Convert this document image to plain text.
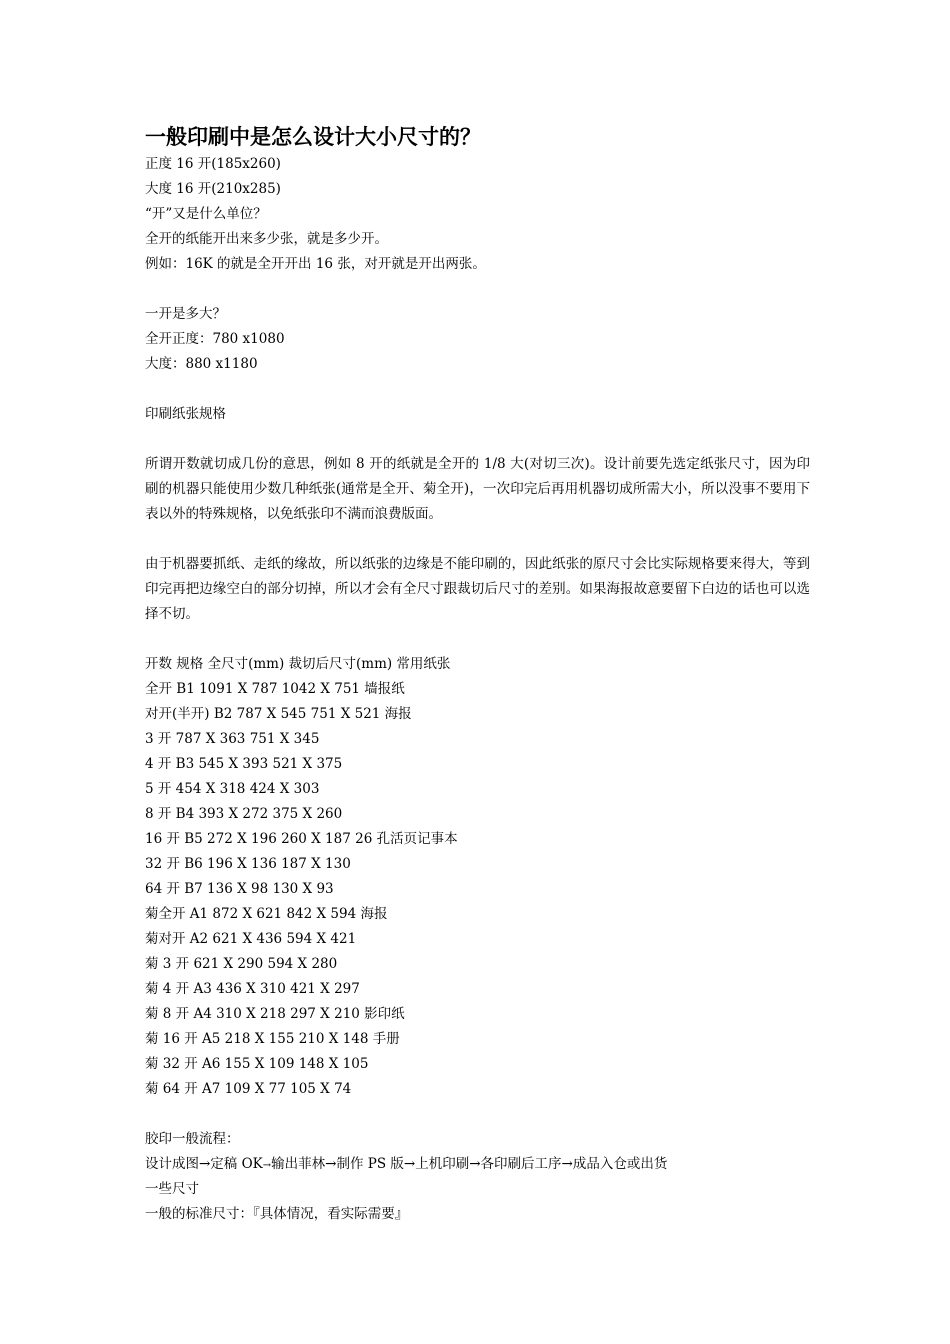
一般印刷中是怎么设计大小尺寸的？

正度 16 开(185x260)

大度 16 开(210x285)

“开”又是什么单位？

全开的纸能开出来多少张，就是多少开。

例如：16K 的就是全开开出 16 张，对开就是开出两张。

一开是多大？

全开正度：780 x1080

大度：880 x1180

印刷纸张规格

所谓开数就切成几份的意思，例如 8 开的纸就是全开的 1/8 大(对切三次)。设计前要先选定纸张尺寸，因为印刷的机器只能使用少数几种纸张(通常是全开、菊全开)，一次印完后再用机器切成所需大小，所以没事不要用下表以外的特殊规格，以免纸张印不满而浪费版面。

由于机器要抓纸、走纸的缘故，所以纸张的边缘是不能印刷的，因此纸张的原尺寸会比实际规格要来得大，等到印完再把边缘空白的部分切掉，所以才会有全尺寸跟裁切后尺寸的差别。如果海报故意要留下白边的话也可以选择不切。

开数 规格 全尺寸(mm) 裁切后尺寸(mm) 常用纸张

全开 B1 1091 X 787 1042 X 751 墙报纸

对开(半开) B2 787 X 545 751 X 521 海报

3 开 787 X 363 751 X 345

4 开 B3 545 X 393 521 X 375

5 开 454 X 318 424 X 303

8 开 B4 393 X 272 375 X 260

16 开 B5 272 X 196 260 X 187 26 孔活页记事本

32 开 B6 196 X 136 187 X 130

64 开 B7 136 X 98 130 X 93

菊全开 A1 872 X 621 842 X 594 海报

菊对开 A2 621 X 436 594 X 421

菊 3 开 621 X 290 594 X 280

菊 4 开 A3 436 X 310 421 X 297

菊 8 开 A4 310 X 218 297 X 210 影印纸

菊 16 开 A5 218 X 155 210 X 148 手册

菊 32 开 A6 155 X 109 148 X 105

菊 64 开 A7 109 X 77 105 X 74

胶印一般流程：

设计成图→定稿 OK→输出菲林→制作 PS 版→上机印刷→各印刷后工序→成品入仓或出货

一些尺寸

一般的标准尺寸：『具体情况，看实际需要』
